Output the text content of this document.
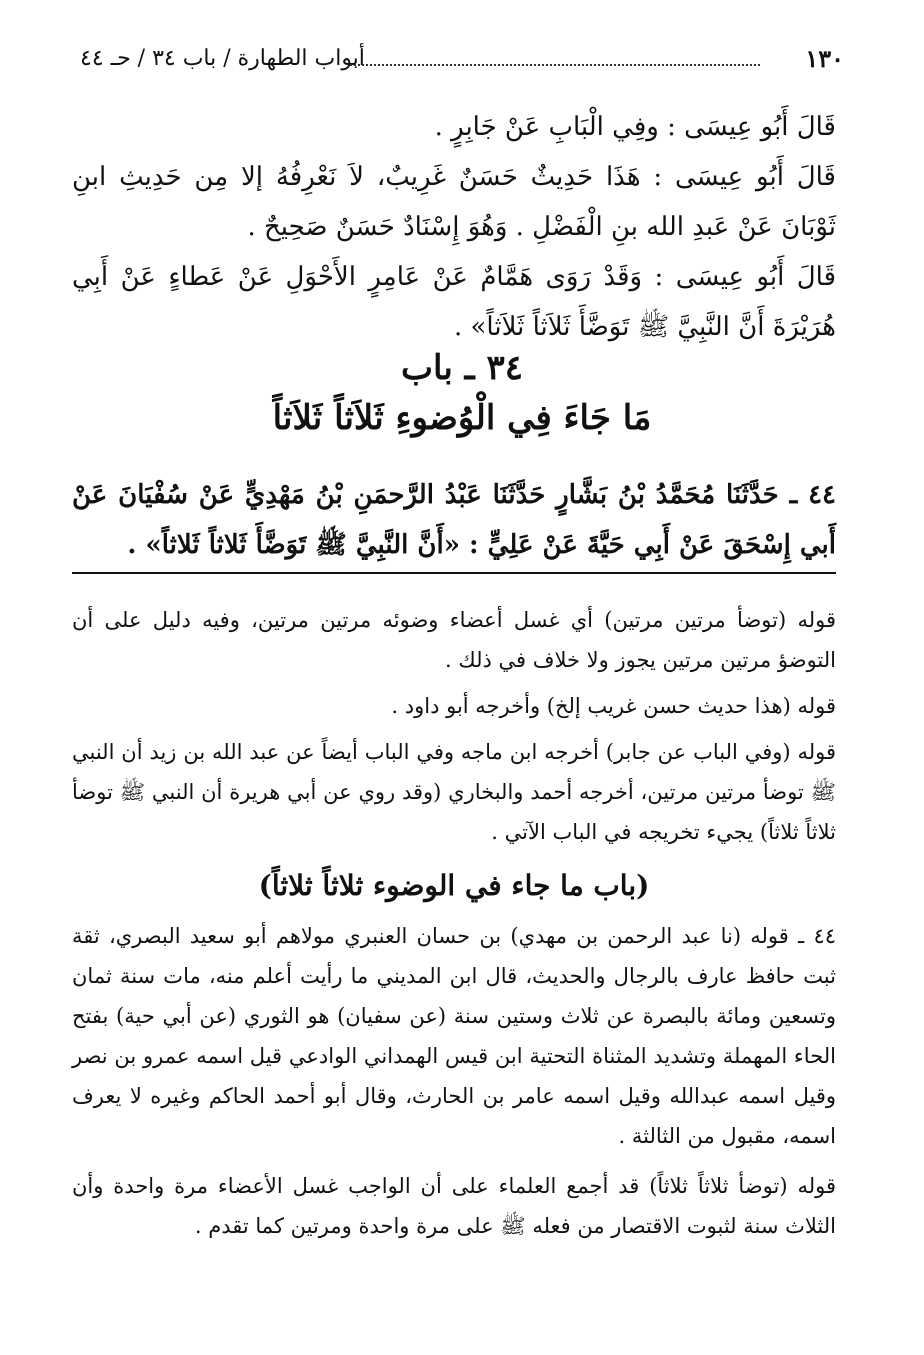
أبواب الطهارة / باب ٣٤ / حـ ٤٤	١٣٠

قَالَ أَبُو عِيسَى : وفِي الْبَابِ عَنْ جَابِرٍ .

قَالَ أَبُو عِيسَى : هَذَا حَدِيثٌ حَسَنٌ غَرِيبٌ، لاَ نَعْرِفُهُ إلا مِن حَدِيثِ ابنِ ثَوْبَانَ عَنْ عَبدِ الله بنِ الْفَضْلِ . وَهُوَ إِسْنَادٌ حَسَنٌ صَحِيحٌ .

قَالَ أَبُو عِيسَى : وَقَدْ رَوَى هَمَّامٌ عَنْ عَامِرٍ الأَحْوَلِ عَنْ عَطاءٍ عَنْ أَبِي هُرَيْرَةَ أَنَّ النَّبِيَّ ﷺ تَوَضَّأَ ثَلاَثاً ثَلاَثاً» .

٣٤ ـ باب
مَا جَاءَ فِي الْوُضوءِ ثَلاَثاً ثَلاَثاً
٤٤ ـ حَدَّثَنَا مُحَمَّدُ بْنُ بَشَّارٍ حَدَّثَنَا عَبْدُ الرَّحمَنِ بْنُ مَهْدِيٍّ عَنْ سُفْيَانَ عَنْ أَبي إِسْحَقَ عَنْ أَبِي حَيَّةَ عَنْ عَلِيٍّ : «أَنَّ النَّبِيَّ ﷺ تَوَضَّأَ ثَلاثاً ثَلاثاً» .

قوله (توضأ مرتين مرتين) أي غسل أعضاء وضوئه مرتين مرتين، وفيه دليل على أن التوضؤ مرتين مرتين يجوز ولا خلاف في ذلك .

قوله (هذا حديث حسن غريب إلخ) وأخرجه أبو داود .

قوله (وفي الباب عن جابر) أخرجه ابن ماجه وفي الباب أيضاً عن عبد الله بن زيد أن النبي ﷺ توضأ مرتين مرتين، أخرجه أحمد والبخاري (وقد روي عن أبي هريرة أن النبي ﷺ توضأ ثلاثاً ثلاثاً) يجيء تخريجه في الباب الآتي .

(باب ما جاء في الوضوء ثلاثاً ثلاثاً)

٤٤ ـ قوله (نا عبد الرحمن بن مهدي) بن حسان العنبري مولاهم أبو سعيد البصري، ثقة ثبت حافظ عارف بالرجال والحديث، قال ابن المديني ما رأيت أعلم منه، مات سنة ثمان وتسعين ومائة بالبصرة عن ثلاث وستين سنة (عن سفيان) هو الثوري (عن أبي حية) بفتح الحاء المهملة وتشديد المثناة التحتية ابن قيس الهمداني الوادعي قيل اسمه عمرو بن نصر وقيل اسمه عبدالله وقيل اسمه عامر بن الحارث، وقال أبو أحمد الحاكم وغيره لا يعرف اسمه، مقبول من الثالثة .

قوله (توضأ ثلاثاً ثلاثاً) قد أجمع العلماء على أن الواجب غسل الأعضاء مرة واحدة وأن الثلاث سنة لثبوت الاقتصار من فعله ﷺ على مرة واحدة ومرتين كما تقدم .
